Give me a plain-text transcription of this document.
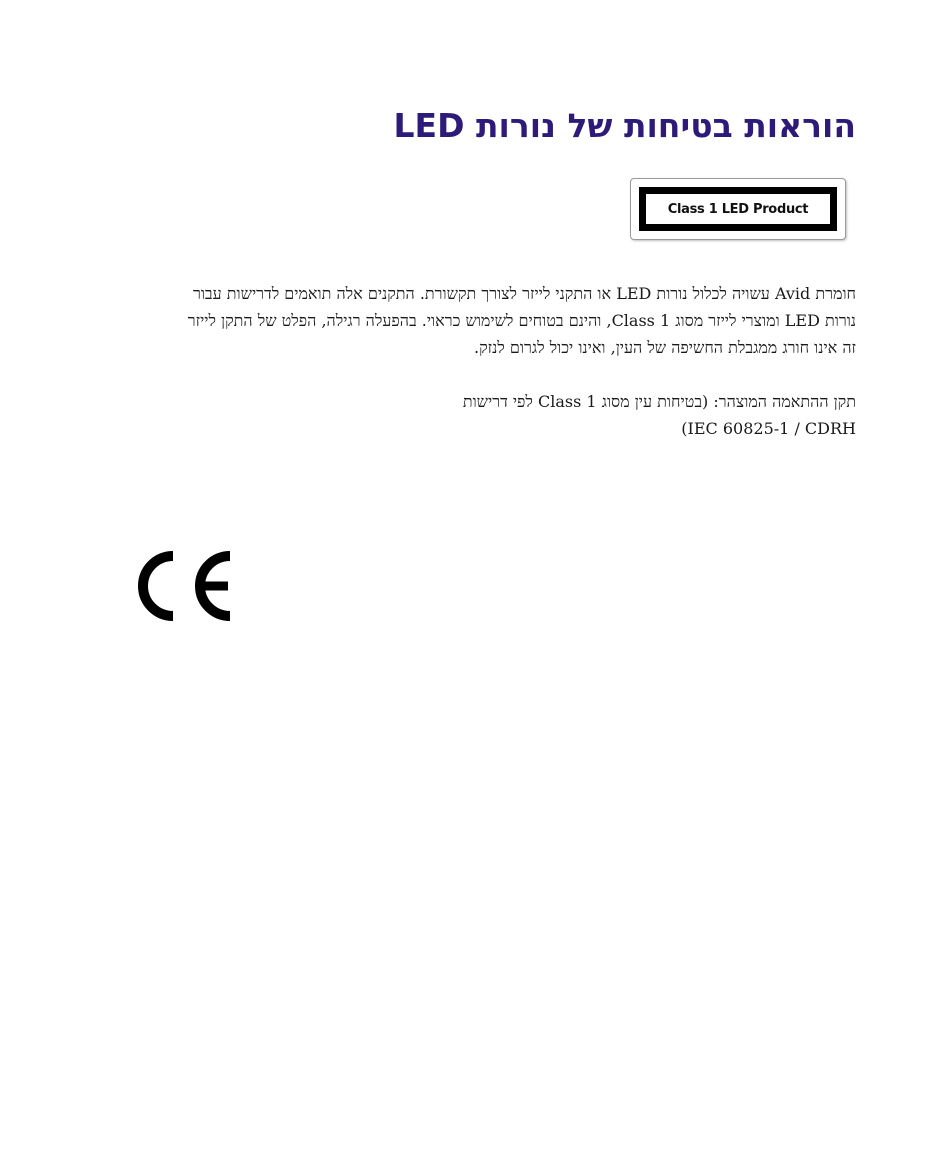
הוראות בטיחות של נורות LED
Class 1 LED Product

חומרת Avid עשויה לכלול נורות LED או התקני לייזר לצורך תקשורת. התקנים אלה תואמים לדרישות עבור
נורות LED ומוצרי לייזר מסוג Class 1, והינם בטוחים לשימוש כראוי. בהפעלה רגילה, הפלט של התקן לייזר
זה אינו חורג ממגבלת החשיפה של העין, ואינו יכול לגרום לנזק.

תקן ההתאמה המוצהר: (בטיחות עין מסוג Class 1 לפי דרישות
IEC 60825-1 / CDRH)
